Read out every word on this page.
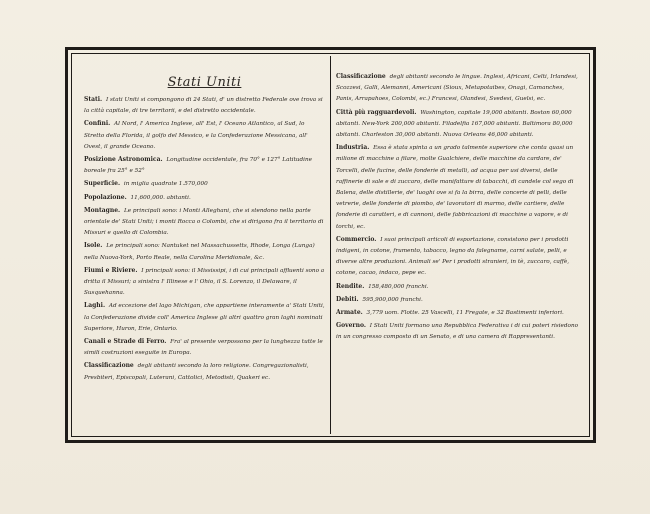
Stati Uniti

Stati. I stati Uniti si compongono di 24 Stati, d' un distretto Federale ove trova si la città capitale, di tre territorii, e del distretto occidentale.

Confini. Al Nord, l' America Inglese, all' Est, l' Oceano Atlantico, al Sud, lo Stretto della Florida, il golfo del Messico, e la Confederazione Messicana, all' Ovest, il grande Oceano.

Posizione Astronomica. Longitudine occidentale, fra 70° e 127° Latitudine boreale fra 25° e 52°

Superficie. in miglia quadrate 1.570,000

Popolazione. 11,600,000. abitanti.

Montagne. Le principali sono: i Monti Alleghani, che si stendono nella parte orientale de' Stati Uniti; i monti Rocca o Colombi, che si dirigono fra il territorio di Missuri e quello di Colombia.

Isole. Le principali sono: Nantuket nel Massachussetts, Rhode, Longa (Lunga) nella Nuova-York, Porto Reale, nella Carolina Meridionale, &c.

Fiumi e Riviere. I principali sono: il Mississipi, i di cui principali affluenti sono a dritta il Missuri; a sinistra l' Illinese e l' Ohio, il S. Lorenzo, il Delaware, il Susquehanna.

Laghi. Ad eccezione del lago Michigan, che appartiene interamente a' Stati Uniti, la Confederazione divide coll' America Inglese gli altri quattro gran laghi nominati Superiore, Huron, Erie, Ontario.

Canali e Strade di Ferro. Fra' al presente verpossono per la lunghezza tutte le simili costruzioni eseguite in Europa.

Classificazione degli abitanti secondo la loro religione. Congregazionalisti, Presbiteri, Episcopali, Luterani, Cattolici, Metodisti, Quakeri ec.

Classificazione degli abitanti secondo le lingue. Inglesi, Africani, Celti, Irlandesi, Scozzesi, Galli, Alemanni, Americani (Sioux, Metapotaibes, Onagi, Camanches, Panis, Arrapahoes, Colombi, ec.) Francesi, Olandesi, Svedesi, Guelsi, ec.

Città più ragguardevoli. Washington, capitale 19,000 abitanti. Boston 60,000 abitanti. New-York 200,000 abitanti. Filadelfia 167,000 abitanti. Baltimora 80,000 abitanti. Charleston 30,000 abitanti. Nuova Orleans 46,000 abitanti.

Industria. Essa è stata spinta a un grado talmente superiore che conta quasi un milione di macchine a filare, molte Gualchiere, delle macchine da cardare, de' Torcelli, delle fucine, delle fonderie di metalli, ad acqua per usi diversi, delle raffinerie di sale e di zuccaro, delle manifatture di tabacchi, di candele col sego di Balena, delle distillerie, de' luoghi ove si fa la birra, delle concerie di pelli, delle vetrerie, delle fonderie di piombo, de' lavoratori di marmo, delle cartiere, delle fonderie di caratteri, e di cannoni, delle fabbricazioni di macchine a vapore, e di torchi, ec.

Commercio. I suoi principali articoli di esportazione, consistono per i prodotti indigeni, in cotone, frumento, tabacco, legno da falegname, carni salate, pelli, e diverse altre produzioni. Animali se' Per i prodotti stranieri, in tè, zuccaro, caffè, cotone, cacao, indaco, pepe ec.

Rendite. 158,480,000 franchi.

Debiti. 595,900,000 franchi.

Armate. 3,779 uom. Flotte. 25 Vascelli, 11 Fregate, e 32 Bastimenti inferiori.

Governo. I Stati Uniti formano una Repubblica Federativa i di cui poteri risiedono in un congresso composto di un Senato, e di una camera di Rappresentanti.
